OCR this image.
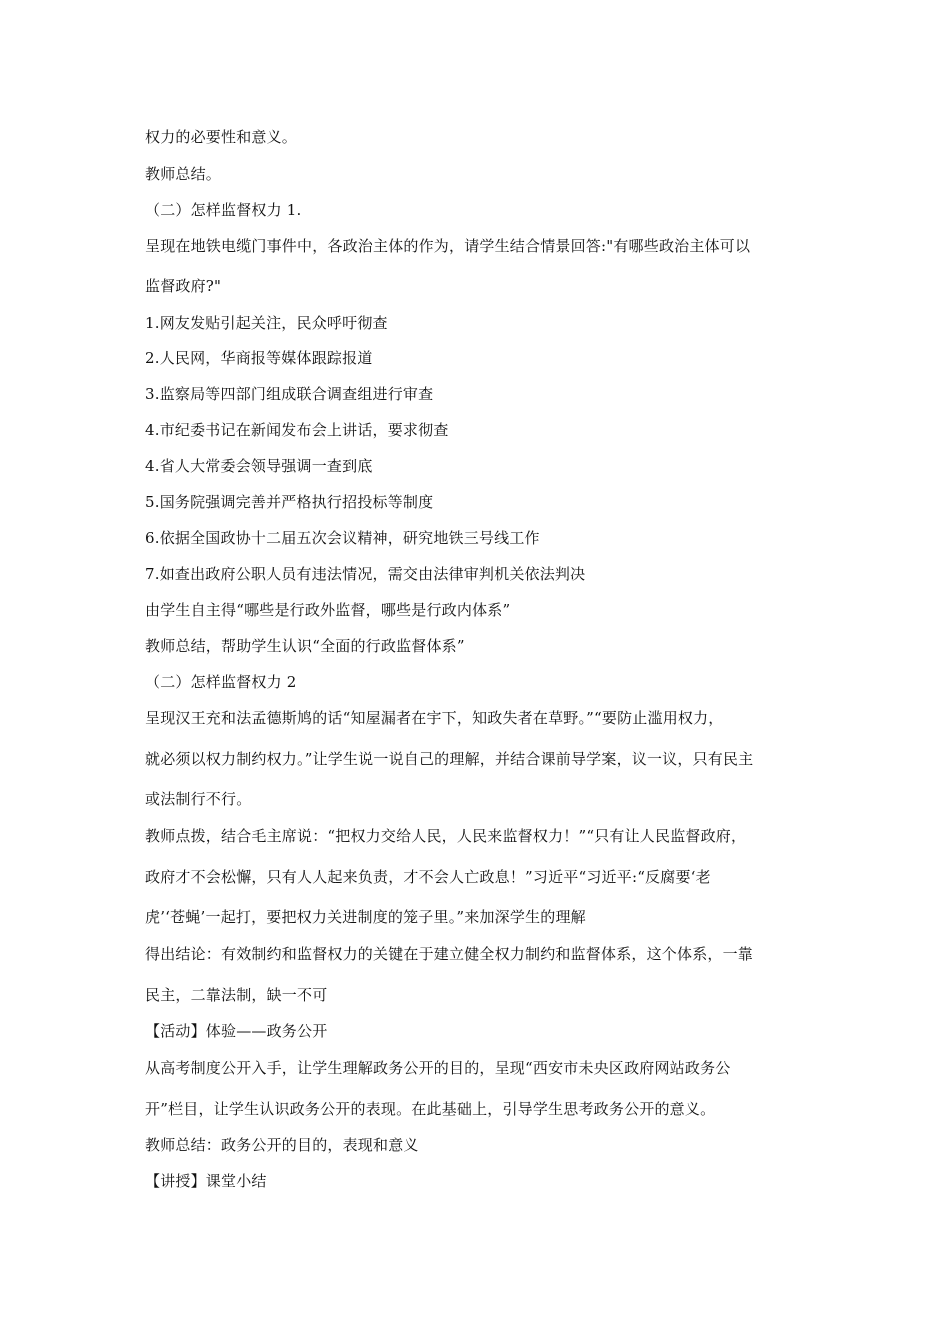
权力的必要性和意义。
教师总结。
（二）怎样监督权力 1.
呈现在地铁电缆门事件中，各政治主体的作为，请学生结合情景回答:"有哪些政治主体可以
监督政府?"
1.网友发贴引起关注，民众呼吁彻查
2.人民网，华商报等媒体跟踪报道
3.监察局等四部门组成联合调查组进行审查
4.市纪委书记在新闻发布会上讲话，要求彻查
4.省人大常委会领导强调一查到底
5.国务院强调完善并严格执行招投标等制度
6.依据全国政协十二届五次会议精神，研究地铁三号线工作
7.如查出政府公职人员有违法情况，需交由法律审判机关依法判决
由学生自主得“哪些是行政外监督，哪些是行政内体系”
教师总结，帮助学生认识“全面的行政监督体系”
（二）怎样监督权力 2
呈现汉王充和法孟德斯鸠的话“知屋漏者在宇下，知政失者在草野。”“要防止滥用权力，
就必须以权力制约权力。”让学生说一说自己的理解，并结合课前导学案，议一议，只有民主
或法制行不行。
教师点拨，结合毛主席说：“把权力交给人民，人民来监督权力！”“只有让人民监督政府，
政府才不会松懈，只有人人起来负责，才不会人亡政息！”习近平“习近平:“反腐要‘老
虎’‘苍蝇’一起打，要把权力关进制度的笼子里。”来加深学生的理解
得出结论：有效制约和监督权力的关键在于建立健全权力制约和监督体系，这个体系，一靠
民主，二靠法制，缺一不可
【活动】体验——政务公开
从高考制度公开入手，让学生理解政务公开的目的，呈现“西安市未央区政府网站政务公
开”栏目，让学生认识政务公开的表现。在此基础上，引导学生思考政务公开的意义。
教师总结：政务公开的目的，表现和意义
【讲授】课堂小结
